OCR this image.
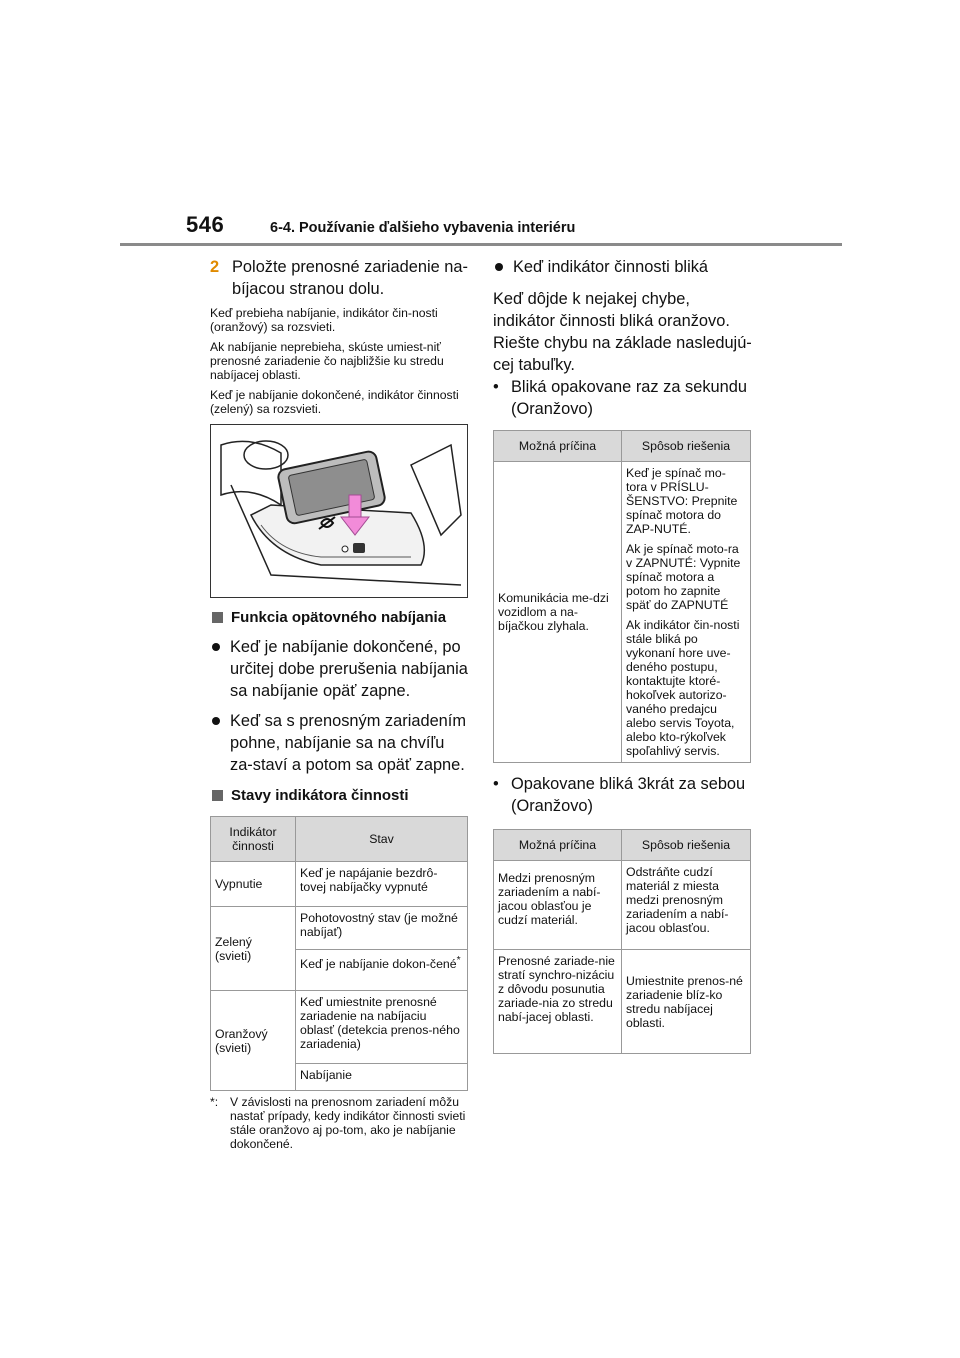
546	6-4. Používanie ďalšieho vybavenia interiéru
2 Položte prenosné zariadenie na-bíjacou stranou dolu.

Keď prebieha nabíjanie, indikátor čin-nosti (oranžový) sa rozsvieti.

Ak nabíjanie neprebieha, skúste umiest-niť prenosné zariadenie čo najbližšie ku stredu nabíjacej oblasti.

Keď je nabíjanie dokončené, indikátor činnosti (zelený) sa rozsvieti.

Funkcia opätovného nabíjania
Keď je nabíjanie dokončené, po určitej dobe prerušenia nabíjania sa nabíjanie opäť zapne.
Keď sa s prenosným zariadením pohne, nabíjanie sa na chvíľu za-staví a potom sa opäť zapne.
Stavy indikátora činnosti
Indikátor činnosti	Stav
Vypnutie	Keď je napájanie bezdrô-tovej nabíjačky vypnuté
Zelený (svieti)	Pohotovostný stav (je možné nabíjať)
	Keď je nabíjanie dokon-čené*
Oranžový (svieti)	Keď umiestnite prenosné zariadenie na nabíjaciu oblasť (detekcia prenos-ného zariadenia)
	Nabíjanie
*: V závislosti na prenosnom zariadení môžu nastať prípady, kedy indikátor činnosti svieti stále oranžovo aj po-tom, ako je nabíjanie dokončené.
Keď indikátor činnosti bliká

Keď dôjde k nejakej chybe, indikátor činnosti bliká oranžovo.

Riešte chybu na základe nasledujú-cej tabuľky.

• Bliká opakovane raz za sekundu (Oranžovo)
Možná príčina	Spôsob riešenia
Komunikácia me-dzi vozidlom a na-bíjačkou zlyhala.	Keď je spínač mo-tora v PRÍSLU-ŠENSTVO: Prepnite spínač motora do ZAP-NUTÉ.

Ak je spínač moto-ra v ZAPNUTÉ: Vypnite spínač motora a potom ho zapnite späť do ZAPNUTÉ

Ak indikátor čin-nosti stále bliká po vykonaní hore uve-deného postupu, kontaktujte ktoré-hokoľvek autorizo-vaného predajcu alebo servis Toyota, alebo kto-rýkoľvek spoľahlivý servis.

• Opakovane bliká 3krát za sebou (Oranžovo)
Možná príčina	Spôsob riešenia
Medzi prenosným zariadením a nabí-jacou oblasťou je cudzí materiál.	Odstráňte cudzí materiál z miesta medzi prenosným zariadením a nabí-jacou oblasťou.
Prenosné zariade-nie stratí synchro-nizáciu z dôvodu posunutia zariade-nia zo stredu nabí-jacej oblasti.	Umiestnite prenos-né zariadenie blíz-ko stredu nabíjacej oblasti.
